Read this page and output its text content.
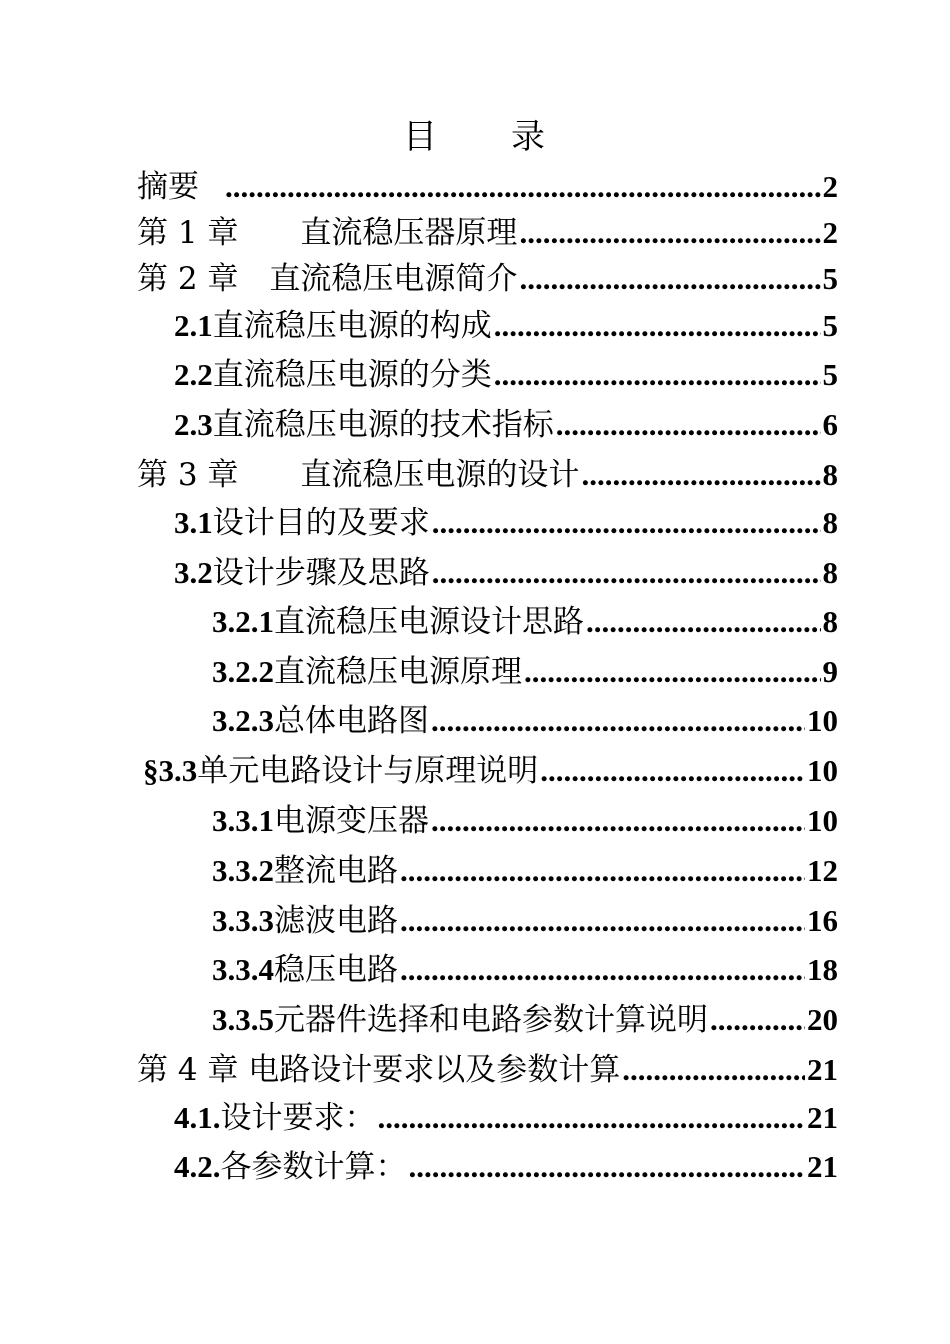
目　　录
摘要 .....	2
第 1 章　　直流稳压器原理 .....	2
第 2 章　直流稳压电源简介 .....	5
2.1 直流稳压电源的构成 .....	5
2.2 直流稳压电源的分类 .....	5
2.3 直流稳压电源的技术指标 .....	6
第 3 章　　直流稳压电源的设计 .....	8
3.1 设计目的及要求 .....	8
3.2 设计步骤及思路 .....	8
3.2.1 直流稳压电源设计思路 .....	8
3.2.2 直流稳压电源原理 .....	9
3.2.3 总体电路图 .....	10
§3.3 单元电路设计与原理说明 .....	10
3.3.1 电源变压器 .....	10
3.3.2 整流电路 .....	12
3.3.3 滤波电路 .....	16
3.3.4 稳压电路 .....	18
3.3.5 元器件选择和电路参数计算说明 .....	20
第 4 章 电路设计要求以及参数计算 .....	21
4.1. 设计要求： .....	21
4.2. 各参数计算： .....	21
